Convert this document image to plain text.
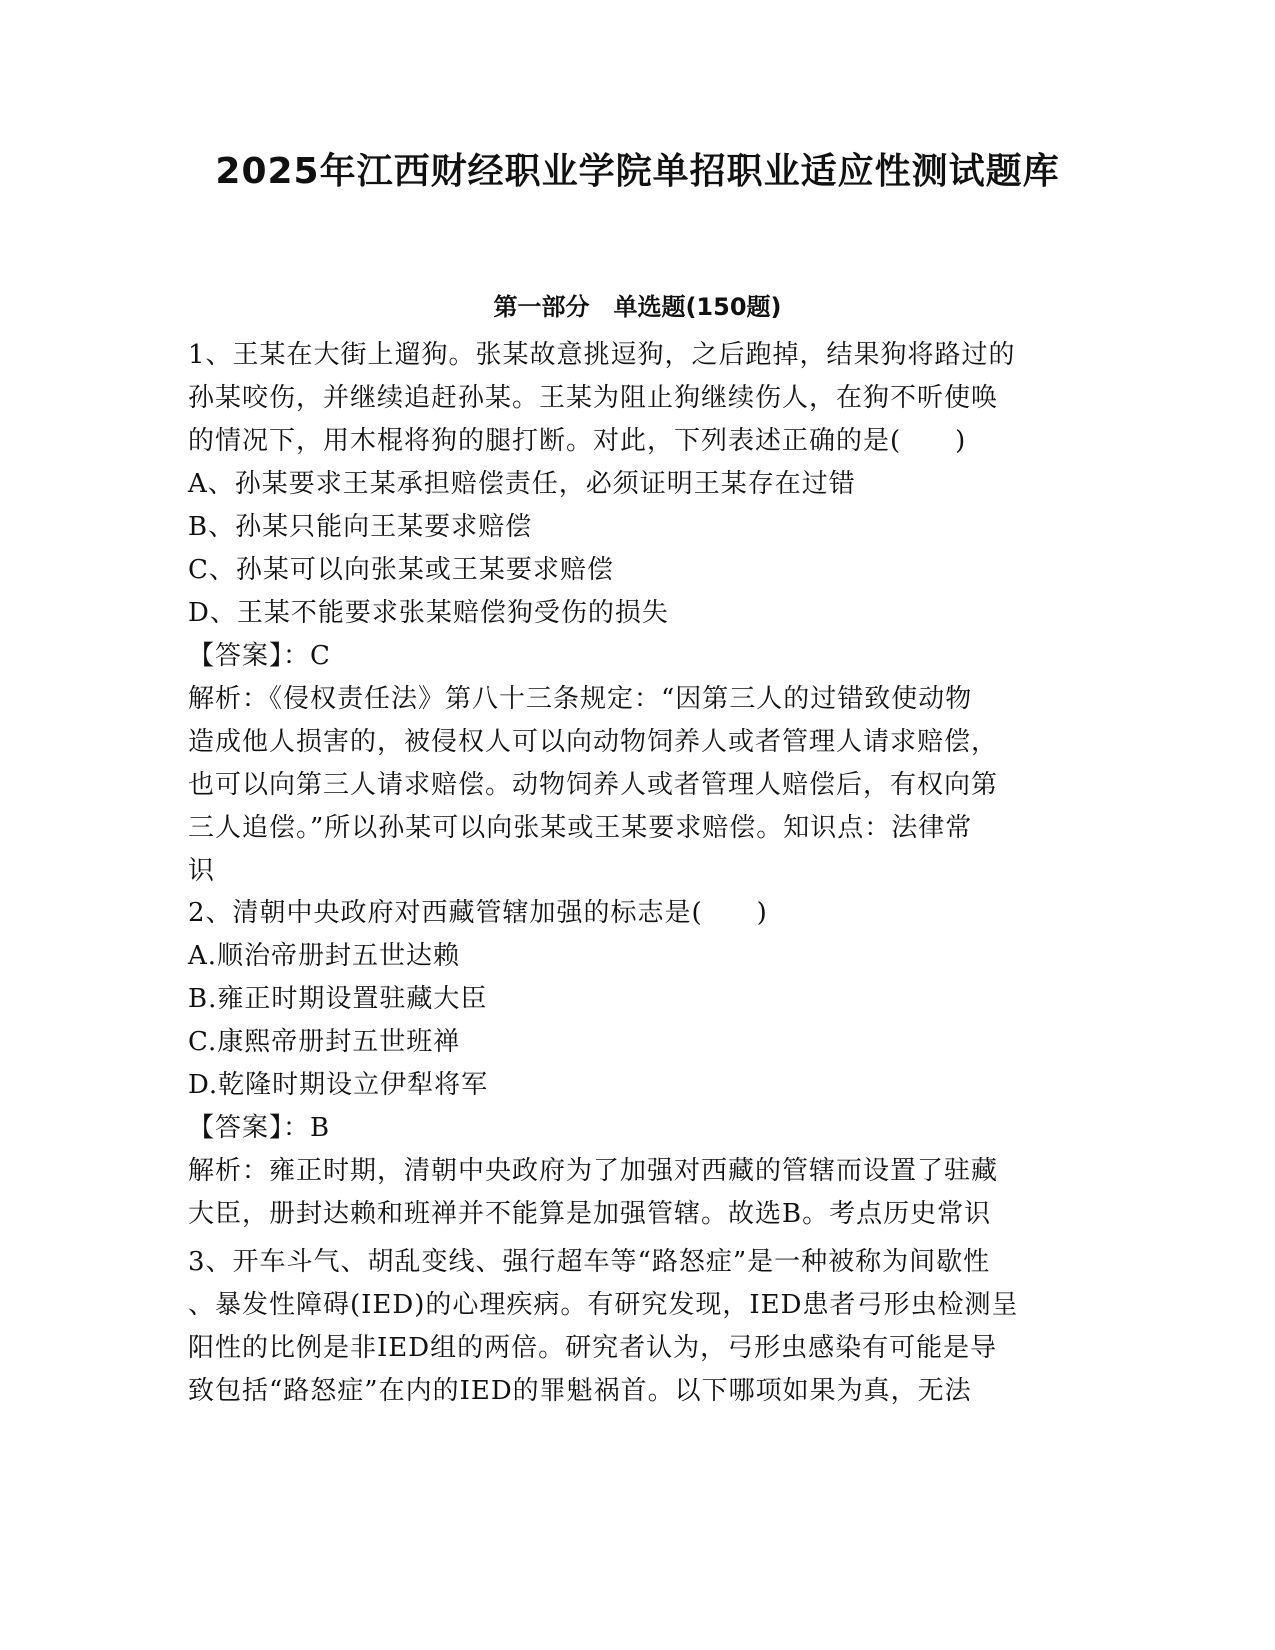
2025年江西财经职业学院单招职业适应性测试题库
第一部分　单选题(150题)
1、王某在大街上遛狗。张某故意挑逗狗，之后跑掉，结果狗将路过的
孙某咬伤，并继续追赶孙某。王某为阻止狗继续伤人，在狗不听使唤
的情况下，用木棍将狗的腿打断。对此，下列表述正确的是(　　)
A、孙某要求王某承担赔偿责任，必须证明王某存在过错
B、孙某只能向王某要求赔偿
C、孙某可以向张某或王某要求赔偿
D、王某不能要求张某赔偿狗受伤的损失
【答案】：C
解析：《侵权责任法》第八十三条规定：“因第三人的过错致使动物
造成他人损害的，被侵权人可以向动物饲养人或者管理人请求赔偿，
也可以向第三人请求赔偿。动物饲养人或者管理人赔偿后，有权向第
三人追偿。”所以孙某可以向张某或王某要求赔偿。知识点：法律常
识
2、清朝中央政府对西藏管辖加强的标志是(　　)
A.顺治帝册封五世达赖
B.雍正时期设置驻藏大臣
C.康熙帝册封五世班禅
D.乾隆时期设立伊犁将军
【答案】：B
解析：雍正时期，清朝中央政府为了加强对西藏的管辖而设置了驻藏
大臣，册封达赖和班禅并不能算是加强管辖。故选B。考点历史常识
3、开车斗气、胡乱变线、强行超车等“路怒症”是一种被称为间歇性
、暴发性障碍(IED)的心理疾病。有研究发现，IED患者弓形虫检测呈
阳性的比例是非IED组的两倍。研究者认为，弓形虫感染有可能是导
致包括“路怒症”在内的IED的罪魁祸首。以下哪项如果为真，无法
